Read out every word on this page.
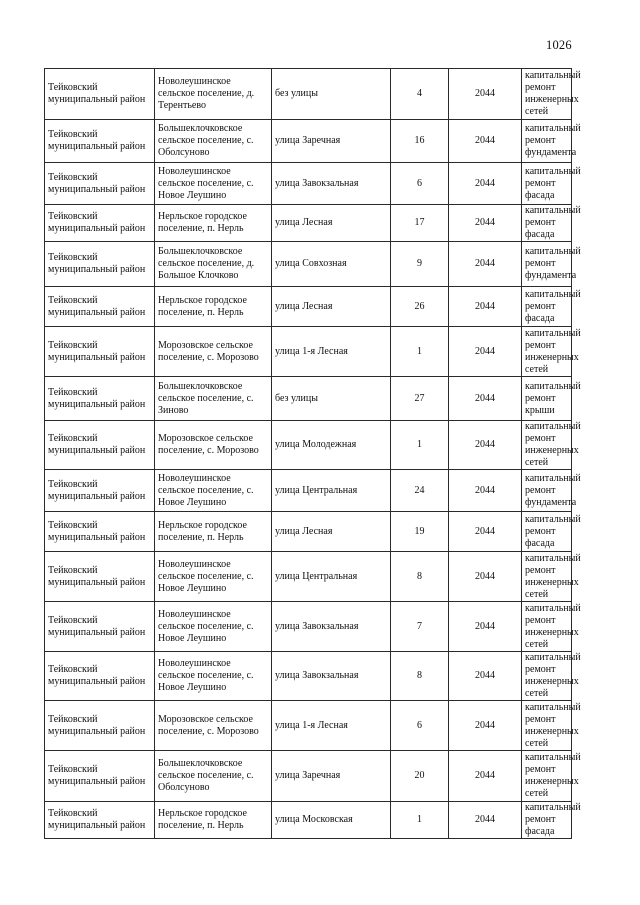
1026
Тейковский муниципальный район	Новолеушинское сельское поселение, д. Терентьево	без улицы	4	2044	капитальный ремонт инженерных сетей
Тейковский муниципальный район	Большеклочковское сельское поселение, с. Оболсуново	улица Заречная	16	2044	капитальный ремонт фундамента
Тейковский муниципальный район	Новолеушинское сельское поселение, с. Новое Леушино	улица Завокзальная	6	2044	капитальный ремонт фасада
Тейковский муниципальный район	Нерльское городское поселение, п. Нерль	улица Лесная	17	2044	капитальный ремонт фасада
Тейковский муниципальный район	Большеклочковское сельское поселение, д. Большое Клочково	улица Совхозная	9	2044	капитальный ремонт фундамента
Тейковский муниципальный район	Нерльское городское поселение, п. Нерль	улица Лесная	26	2044	капитальный ремонт фасада
Тейковский муниципальный район	Морозовское сельское поселение, с. Морозово	улица 1-я Лесная	1	2044	капитальный ремонт инженерных сетей
Тейковский муниципальный район	Большеклочковское сельское поселение, с. Зиново	без улицы	27	2044	капитальный ремонт крыши
Тейковский муниципальный район	Морозовское сельское поселение, с. Морозово	улица Молодежная	1	2044	капитальный ремонт инженерных сетей
Тейковский муниципальный район	Новолеушинское сельское поселение, с. Новое Леушино	улица Центральная	24	2044	капитальный ремонт фундамента
Тейковский муниципальный район	Нерльское городское поселение, п. Нерль	улица Лесная	19	2044	капитальный ремонт фасада
Тейковский муниципальный район	Новолеушинское сельское поселение, с. Новое Леушино	улица Центральная	8	2044	капитальный ремонт инженерных сетей
Тейковский муниципальный район	Новолеушинское сельское поселение, с. Новое Леушино	улица Завокзальная	7	2044	капитальный ремонт инженерных сетей
Тейковский муниципальный район	Новолеушинское сельское поселение, с. Новое Леушино	улица Завокзальная	8	2044	капитальный ремонт инженерных сетей
Тейковский муниципальный район	Морозовское сельское поселение, с. Морозово	улица 1-я Лесная	6	2044	капитальный ремонт инженерных сетей
Тейковский муниципальный район	Большеклочковское сельское поселение, с. Оболсуново	улица Заречная	20	2044	капитальный ремонт инженерных сетей
Тейковский муниципальный район	Нерльское городское поселение, п. Нерль	улица Московская	1	2044	капитальный ремонт фасада
